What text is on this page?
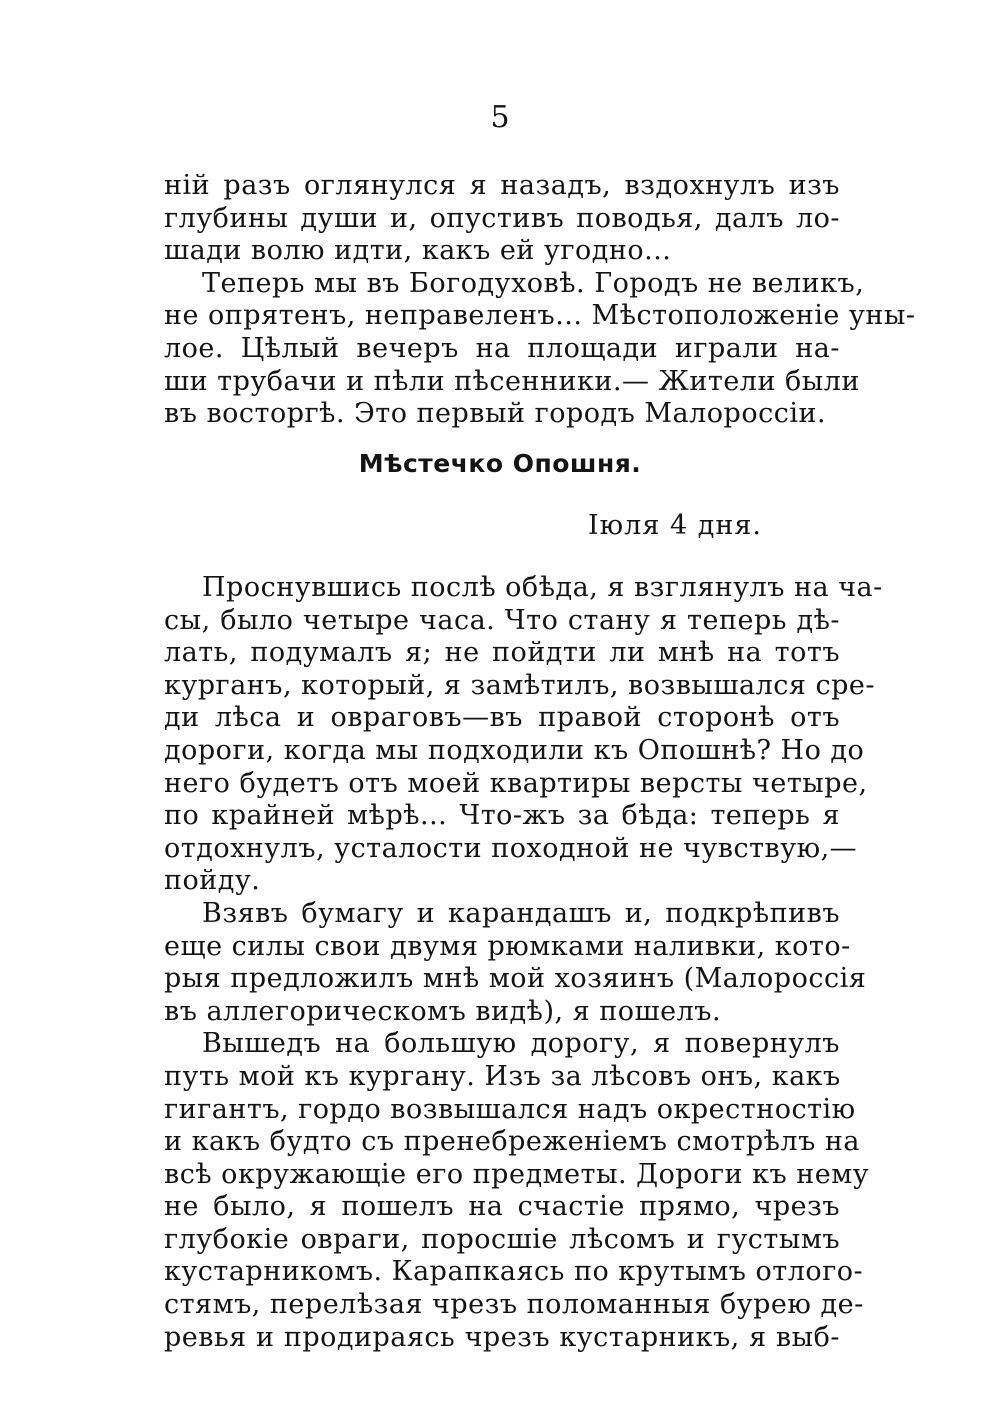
5
ній разъ оглянулся я назадъ, вздохнулъ изъ
глубины души и, опустивъ поводья, далъ ло-
шади волю идти, какъ ей угодно...
Теперь мы въ Богодуховѣ. Городъ не великъ,
не опрятенъ, неправеленъ... Мѣстоположеніе уны-
лое. Цѣлый вечеръ на площади играли на-
ши трубачи и пѣли пѣсенники.— Жители были
въ восторгѣ. Это первый городъ Малороссіи.
Мѣстечко Опошня.
Іюля 4 дня.
Проснувшись послѣ обѣда, я взглянулъ на ча-
сы, было четыре часа. Что стану я теперь дѣ-
лать, подумалъ я; не пойдти ли мнѣ на тотъ
курганъ, который, я замѣтилъ, возвышался сре-
ди лѣса и овраговъ—въ правой сторонѣ отъ
дороги, когда мы подходили къ Опошнѣ? Но до
него будетъ отъ моей квартиры версты четыре,
по крайней мѣрѣ... Что-жъ за бѣда: теперь я
отдохнулъ, усталости походной не чувствую,—
пойду.
Взявъ бумагу и карандашъ и, подкрѣпивъ
еще силы свои двумя рюмками наливки, кото-
рыя предложилъ мнѣ мой хозяинъ (Малороссія
въ аллегорическомъ видѣ), я пошелъ.
Вышедъ на большую дорогу, я повернулъ
путь мой къ кургану. Изъ за лѣсовъ онъ, какъ
гигантъ, гордо возвышался надъ окрестностію
и какъ будто съ пренебреженіемъ смотрѣлъ на
всѣ окружающіе его предметы. Дороги къ нему
не было, я пошелъ на счастіе прямо, чрезъ
глубокіе овраги, поросшіе лѣсомъ и густымъ
кустарникомъ. Карапкаясь по крутымъ отлого-
стямъ, перелѣзая чрезъ поломанныя бурею де-
ревья и продираясь чрезъ кустарникъ, я выб-
